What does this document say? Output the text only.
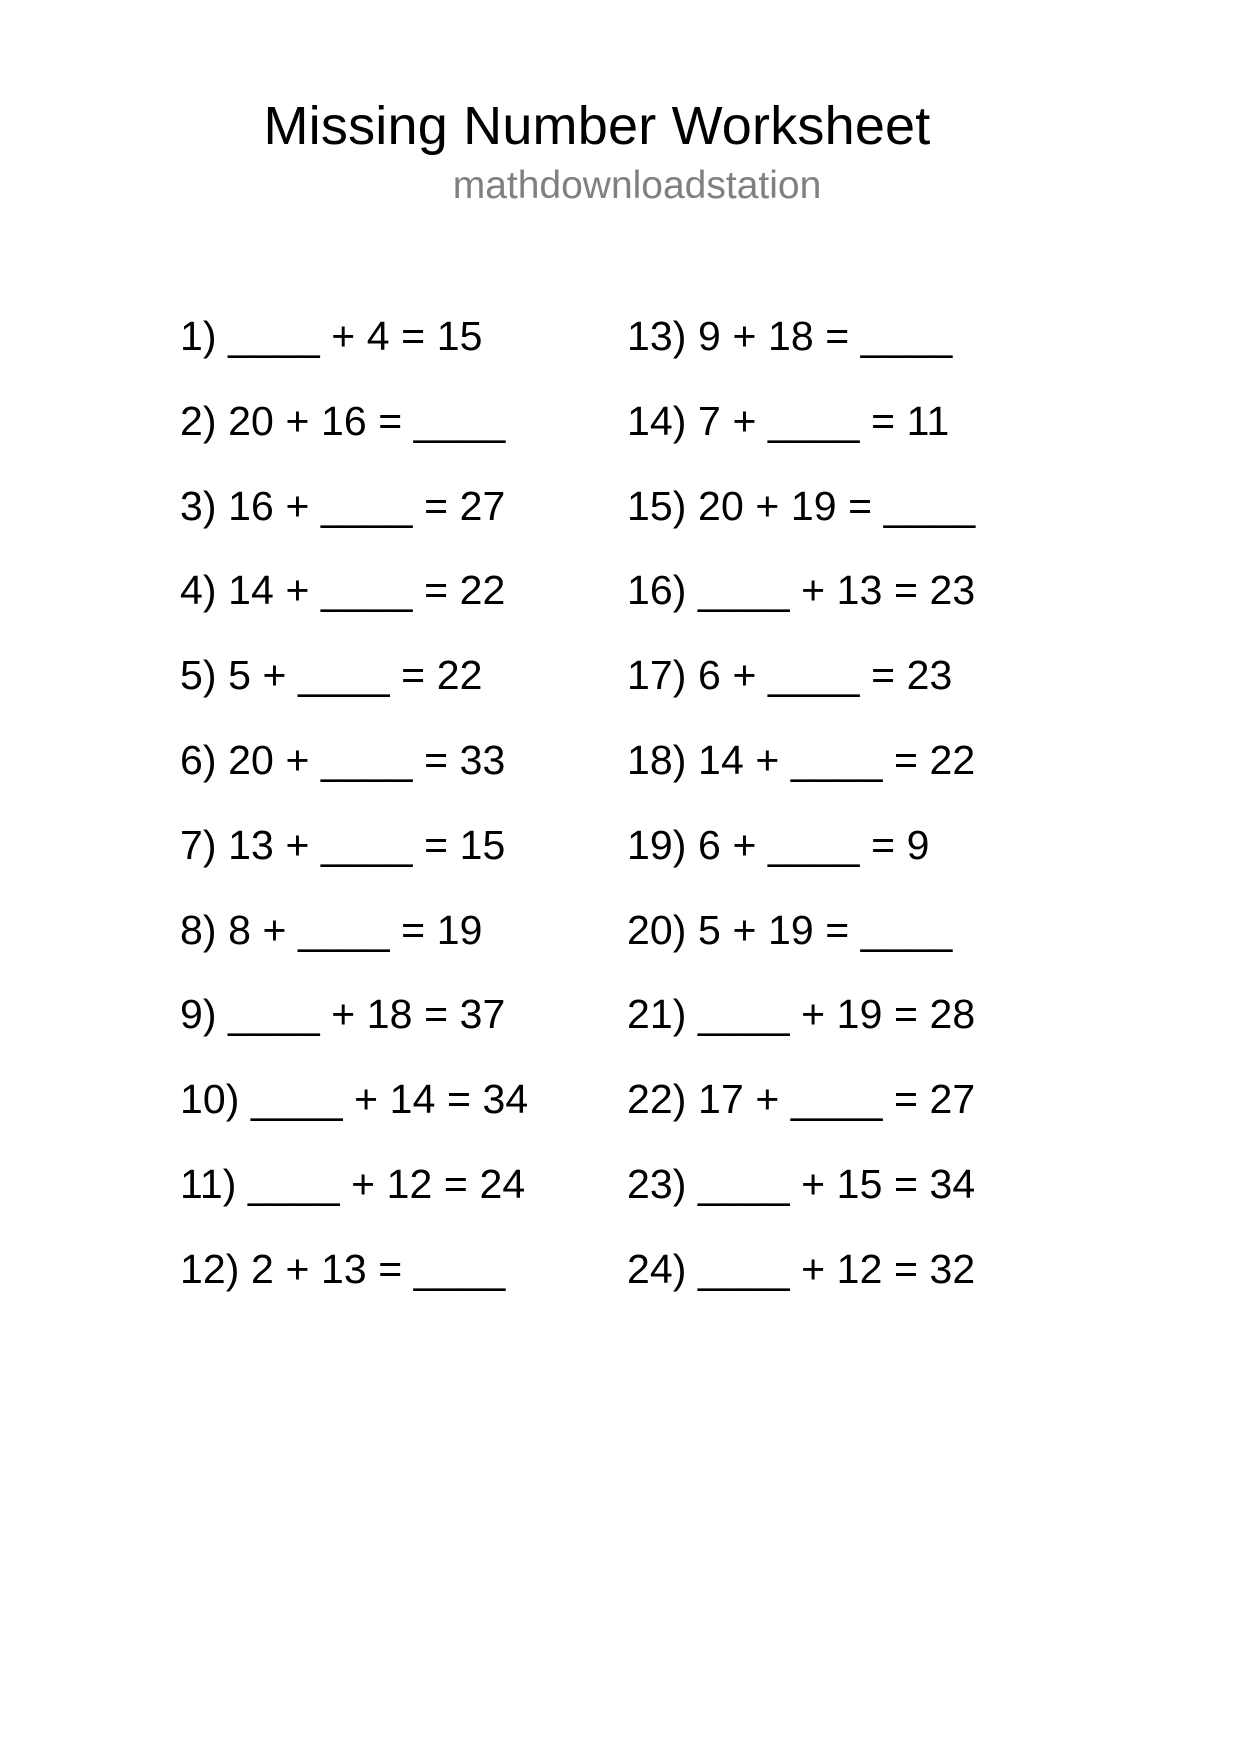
Missing Number Worksheet
mathdownloadstation
1) ____ + 4 = 15
2) 20 + 16 = ____
3) 16 + ____ = 27
4) 14 + ____ = 22
5) 5 + ____ = 22
6) 20 + ____ = 33
7) 13 + ____ = 15
8) 8 + ____ = 19
9) ____ + 18 = 37
10) ____ + 14 = 34
11) ____ + 12 = 24
12) 2 + 13 = ____
13) 9 + 18 = ____
14) 7 + ____ = 11
15) 20 + 19 = ____
16) ____ + 13 = 23
17) 6 + ____ = 23
18) 14 + ____ = 22
19) 6 + ____ = 9
20) 5 + 19 = ____
21) ____ + 19 = 28
22) 17 + ____ = 27
23) ____ + 15 = 34
24) ____ + 12 = 32
